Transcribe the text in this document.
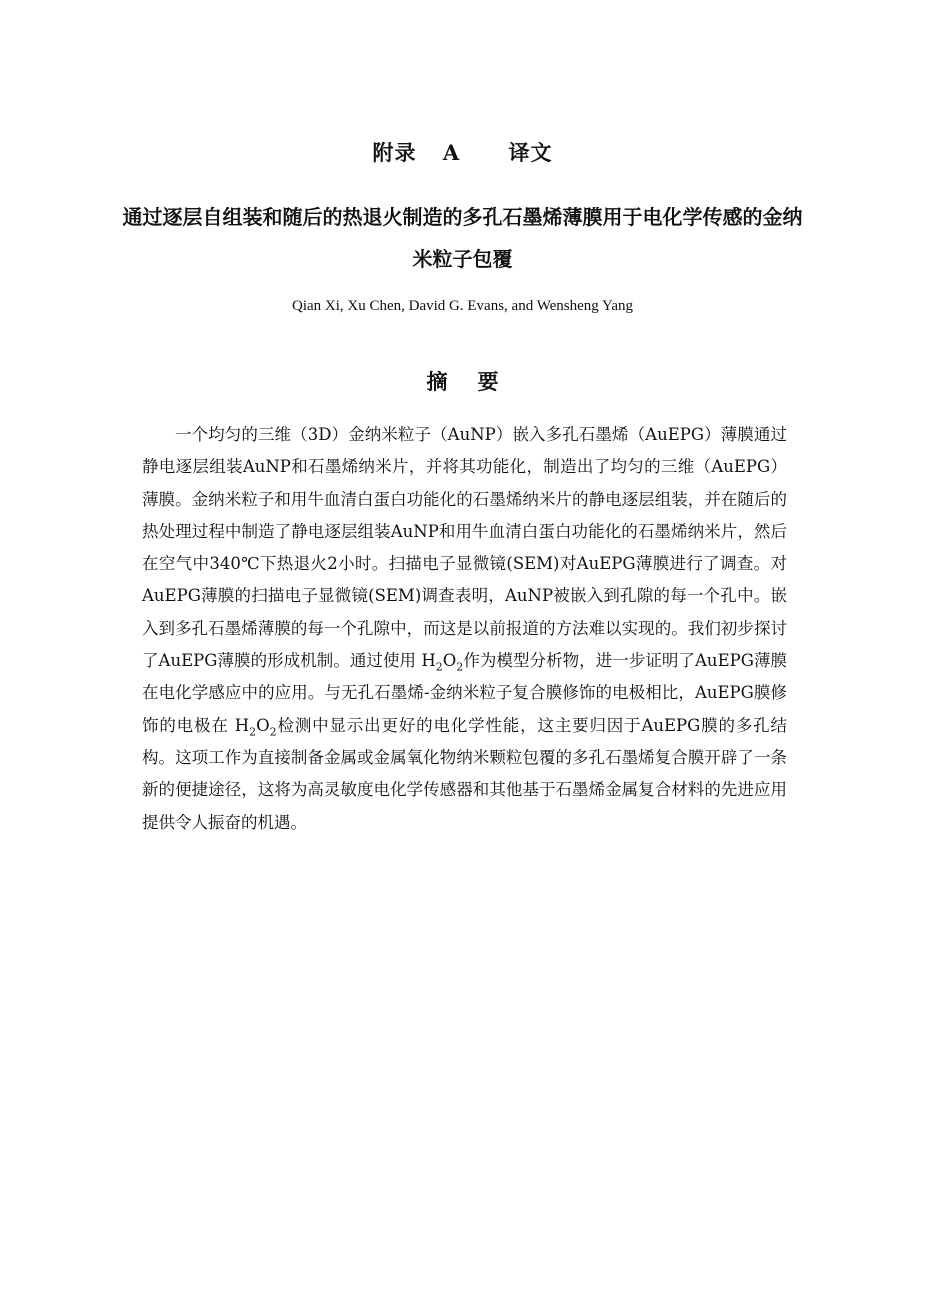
附录 A　 译文
通过逐层自组装和随后的热退火制造的多孔石墨烯薄膜用于电化学传感的金纳米粒子包覆
Qian Xi, Xu Chen, David G. Evans, and Wensheng Yang
摘要
一个均匀的三维（3D）金纳米粒子（AuNP）嵌入多孔石墨烯（AuEPG）薄膜通过静电逐层组装AuNP和石墨烯纳米片，并将其功能化，制造出了均匀的三维（AuEPG）薄膜。金纳米粒子和用牛血清白蛋白功能化的石墨烯纳米片的静电逐层组装，并在随后的热处理过程中制造了静电逐层组装AuNP和用牛血清白蛋白功能化的石墨烯纳米片，然后在空气中340℃下热退火2小时。扫描电子显微镜(SEM)对AuEPG薄膜进行了调查。对AuEPG薄膜的扫描电子显微镜(SEM)调查表明，AuNP被嵌入到孔隙的每一个孔中。嵌入到多孔石墨烯薄膜的每一个孔隙中，而这是以前报道的方法难以实现的。我们初步探讨了AuEPG薄膜的形成机制。通过使用 $H_2O_2$作为模型分析物，进一步证明了AuEPG薄膜在电化学感应中的应用。与无孔石墨烯-金纳米粒子复合膜修饰的电极相比，AuEPG膜修饰的电极在 $H_2O_2$检测中显示出更好的电化学性能，这主要归因于AuEPG膜的多孔结构。这项工作为直接制备金属或金属氧化物纳米颗粒包覆的多孔石墨烯复合膜开辟了一条新的便捷途径，这将为高灵敏度电化学传感器和其他基于石墨烯金属复合材料的先进应用提供令人振奋的机遇。
